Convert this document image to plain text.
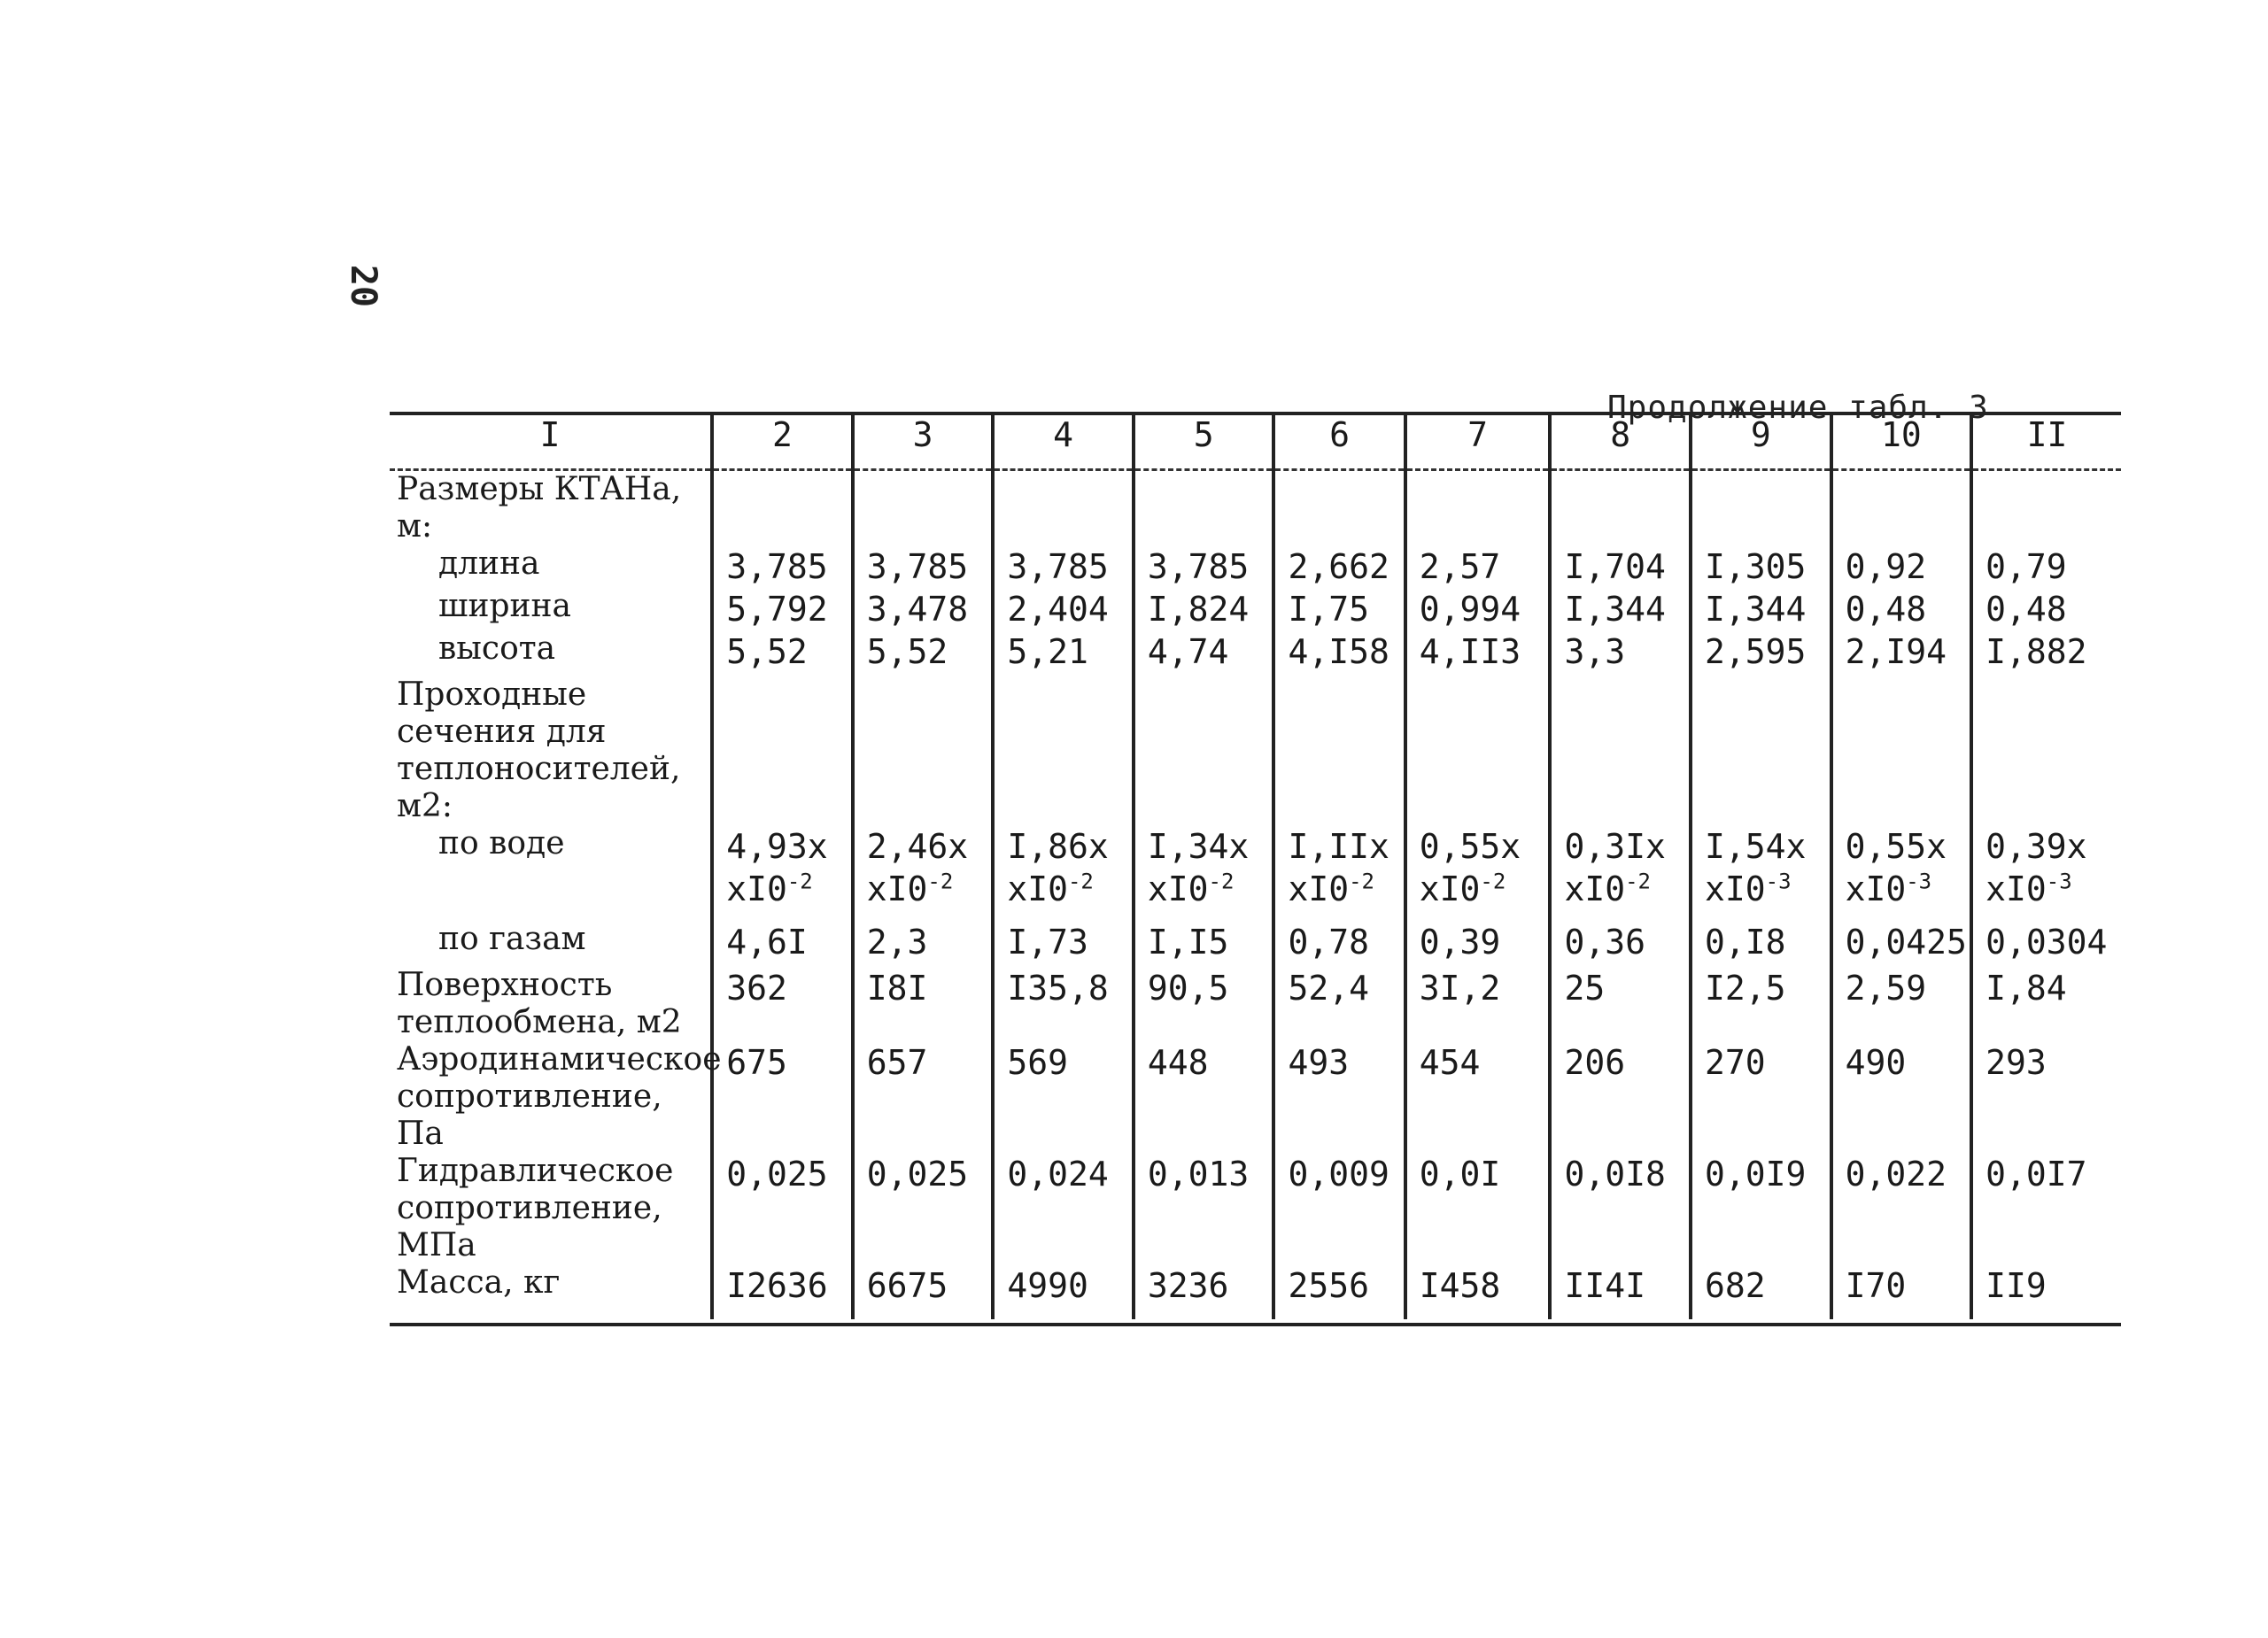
20
Продолжение табл. 3
I	2	3	4	5	6	7	8	9	10	II
Размеры КТАНа, м:										
длина	3,785	3,785	3,785	3,785	2,662	2,57	I,704	I,305	0,92	0,79
ширина	5,792	3,478	2,404	I,824	I,75	0,994	I,344	I,344	0,48	0,48
высота	5,52	5,52	5,21	4,74	4,I58	4,II3	3,3	2,595	2,I94	I,882
Проходные сечения для теплоносителей, м2:										
по воде	4,93х	2,46х	I,86х	I,34х	I,IIх	0,55х	0,3Iх	I,54х	0,55х	0,39х
	$хI0^{-2}$	$хI0^{-2}$	$хI0^{-2}$	$хI0^{-2}$	$хI0^{-2}$	$хI0^{-2}$	$хI0^{-2}$	$хI0^{-3}$	$хI0^{-3}$	$хI0^{-3}$
по газам	4,6I	2,3	I,73	I,I5	0,78	0,39	0,36	0,I8	0,0425	0,0304
Поверхность теплообмена, м2	362	I8I	I35,8	90,5	52,4	3I,2	25	I2,5	2,59	I,84
Аэродинамическое сопротивление, Па	675	657	569	448	493	454	206	270	490	293
Гидравлическое сопротивление, МПа	0,025	0,025	0,024	0,013	0,009	0,0I	0,0I8	0,0I9	0,022	0,0I7
Масса, кг	I2636	6675	4990	3236	2556	I458	II4I	682	I70	II9
